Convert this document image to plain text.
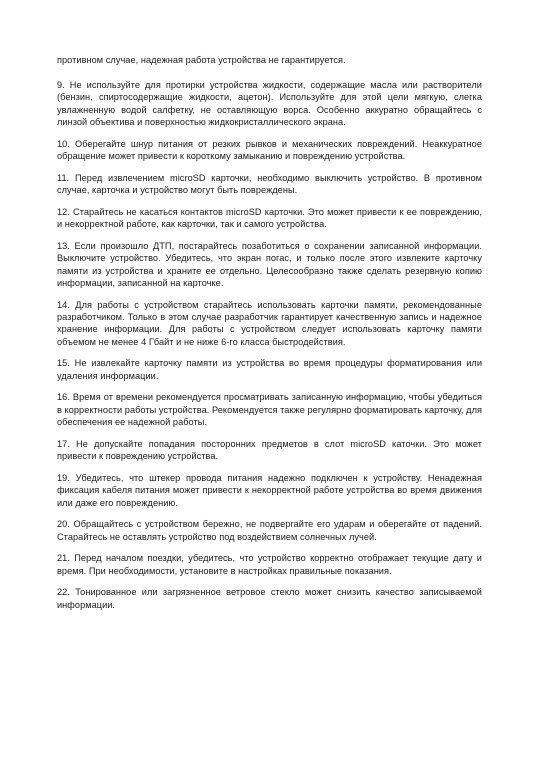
противном случае, надежная работа устройства не гарантируется.

9. Не используйте для протирки устройства жидкости, содержащие масла или растворители (бензин, спиртосодержащие жидкости, ацетон). Используйте для этой цели мягкую, слегка увлажненную водой салфетку, не оставляющую ворса. Особенно аккуратно обращайтесь с линзой объектива и поверхностью жидкокристаллического экрана.

10. Оберегайте шнур питания от резких рывков и механических повреждений. Неаккуратное обращение может привести к короткому замыканию и повреждению устройства.

11. Перед извлечением microSD карточки, необходимо выключить устройство. В противном случае, карточка и устройство могут быть повреждены.

12. Старайтесь не касаться контактов microSD карточки. Это может привести к ее повреждению, и некорректной работе, как карточки, так и самого устройства.

13. Если произошло ДТП, постарайтесь позаботиться о сохранении записанной информации. Выключите устройство. Убедитесь, что экран погас, и только после этого извлеките карточку памяти из устройства и храните ее отдельно. Целесообразно также сделать резервную копию информации, записанной на карточке.

14. Для работы с устройством старайтесь использовать карточки памяти, рекомендованные разработчиком. Только в этом случае разработчик гарантирует качественную запись и надежное хранение информации. Для работы с устройством следует использовать карточку памяти объемом не менее 4 Гбайт и не ниже 6-го класса быстродействия.

15. Не извлекайте карточку памяти из устройства во время процедуры форматирования или удаления информации.

16. Время от времени рекомендуется просматривать записанную информацию, чтобы убедиться в корректности работы устройства. Рекомендуется также регулярно форматировать карточку, для обеспечения ее надежной работы.

17. Не допускайте попадания посторонних предметов в слот microSD каточки. Это может привести к повреждению устройства.

19. Убедитесь, что штекер провода питания надежно подключен к устройству. Ненадежная фиксация кабеля питания может привести к некорректной работе устройства во время движения или даже его повреждению.

20. Обращайтесь с устройством бережно, не подвергайте его ударам и оберегайте от падений. Старайтесь не оставлять устройство под воздействием солнечных лучей.

21. Перед началом поездки, убедитесь, что устройство корректно отображает текущие дату и время. При необходимости, установите в настройках правильные показания.

22. Тонированное или загрязненное ветровое стекло может снизить качество записываемой информации.
